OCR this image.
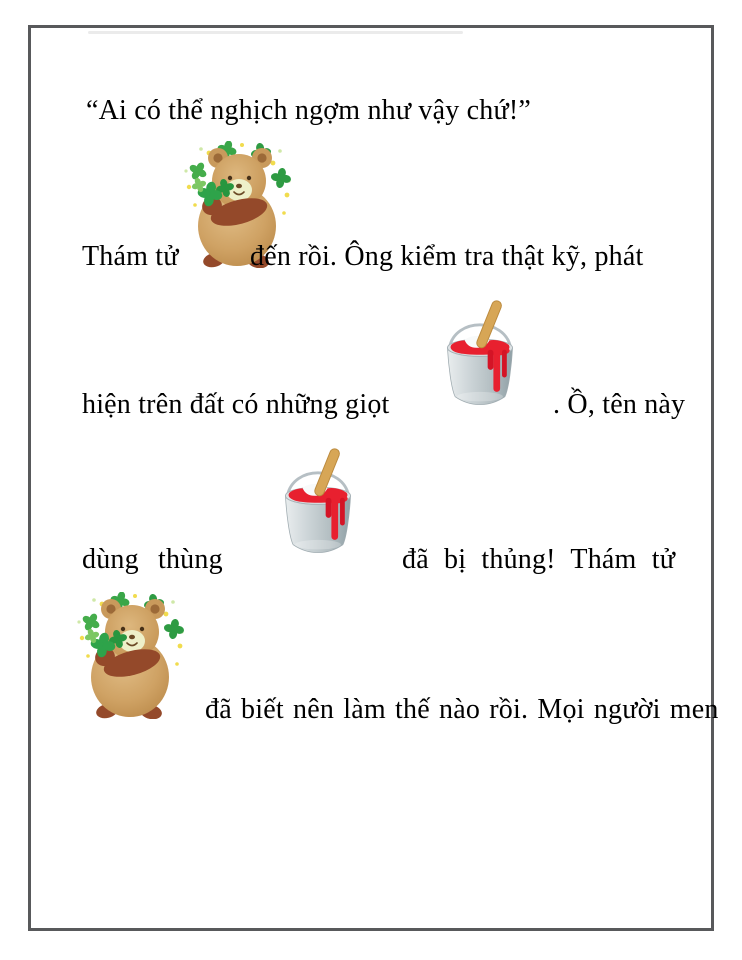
“Ai có thể nghịch ngợm như vậy chứ!”
Thám tử	đến rồi. Ông kiểm tra thật kỹ, phát
hiện trên đất có những giọt	. Ồ, tên này
dùng thùng	đã bị thủng! Thám tử
đã biết nên làm thế nào rồi. Mọi người men
